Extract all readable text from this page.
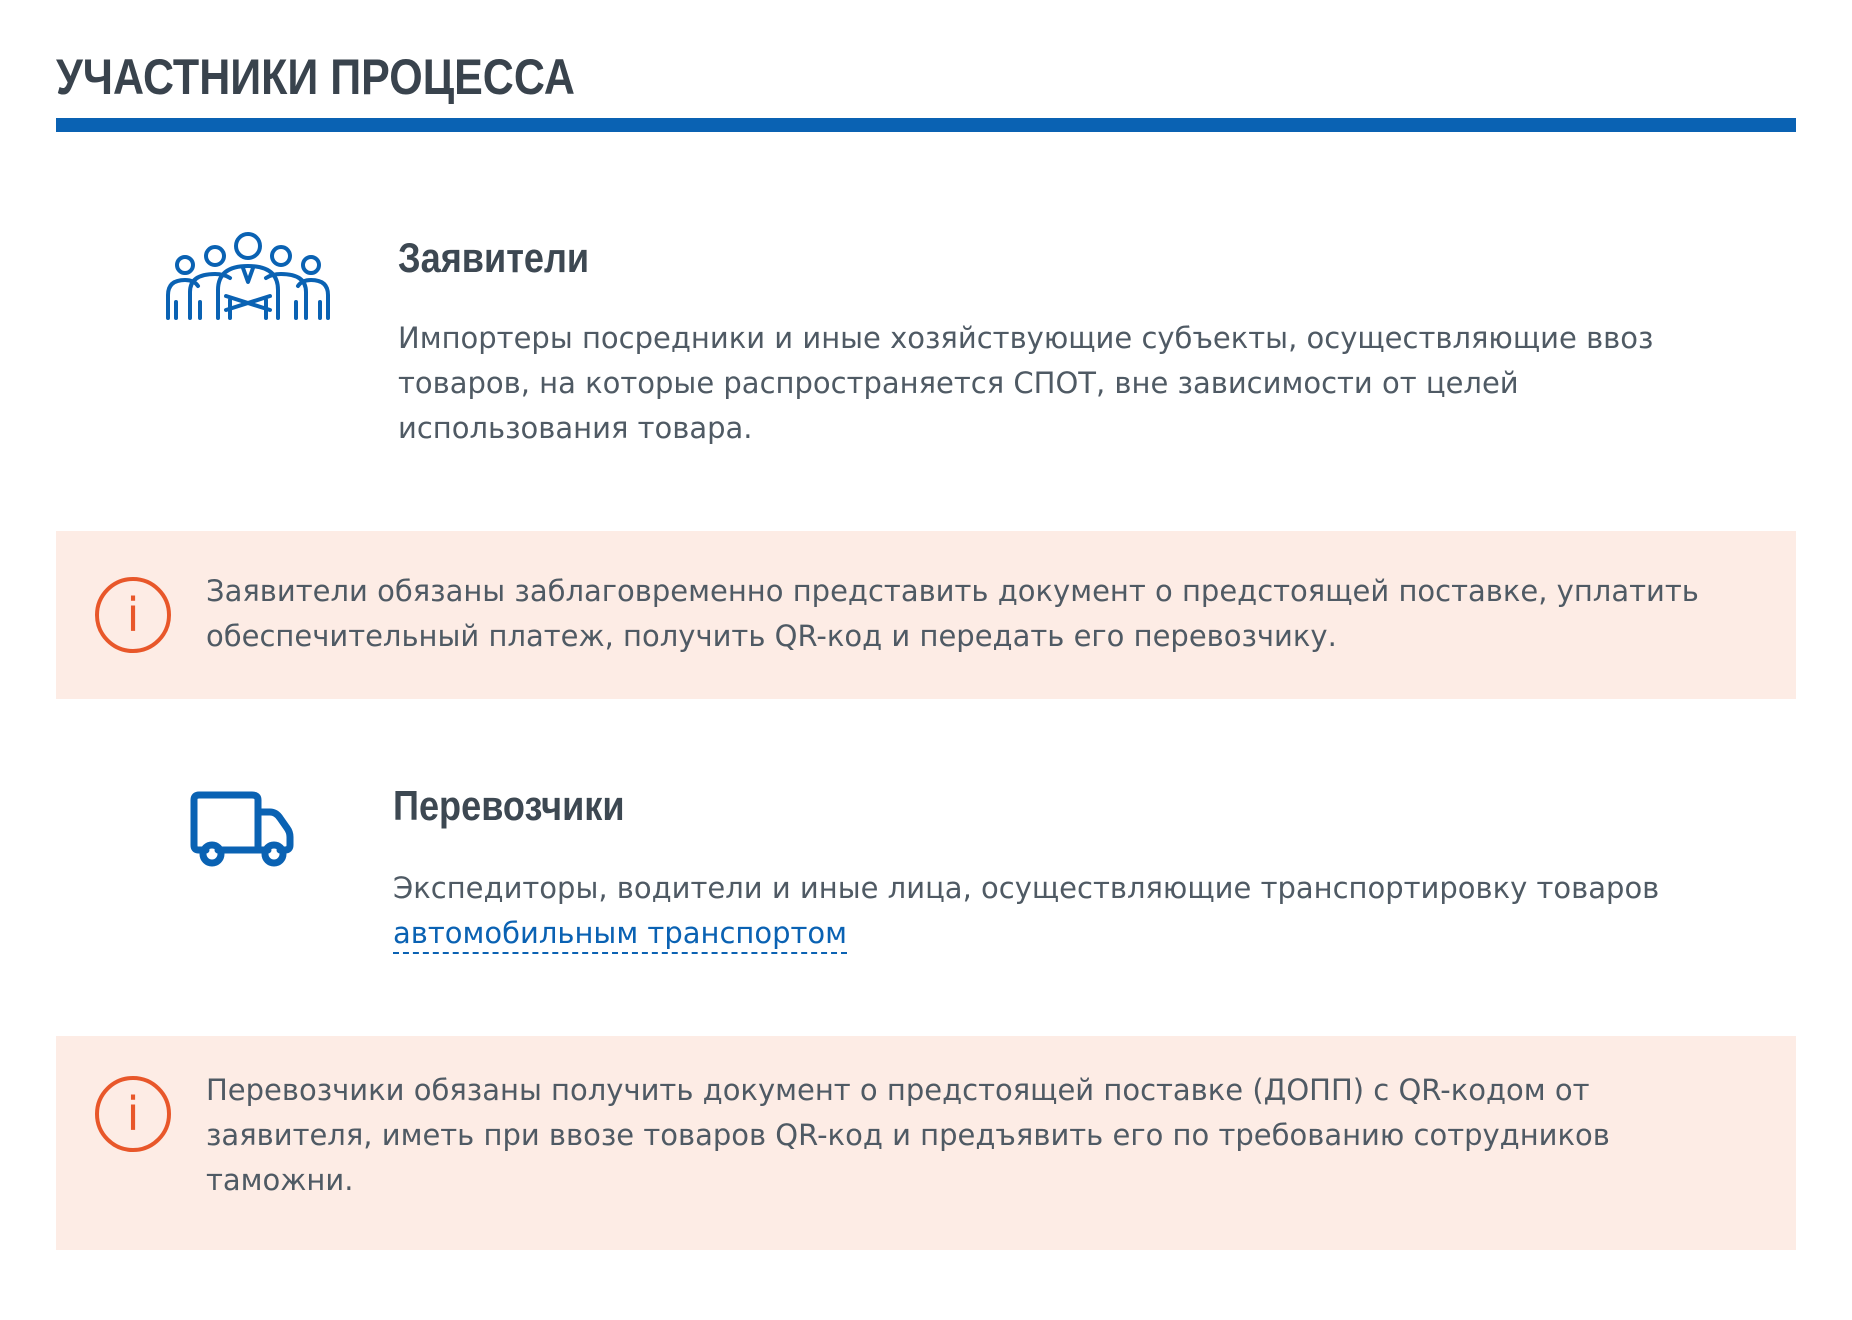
УЧАСТНИКИ ПРОЦЕССА
Заявители

Импортеры посредники и иные хозяйствующие субъекты, осуществляющие ввоз
товаров, на которые распространяется СПОТ, вне зависимости от целей
использования товара.

i	Заявители обязаны заблаговременно представить документ о предстоящей поставке, уплатить
обеспечительный платеж, получить QR-код и передать его перевозчику.

Перевозчики

Экспедиторы, водители и иные лица, осуществляющие транспортировку товаров
автомобильным транспортом

i	Перевозчики обязаны получить документ о предстоящей поставке (ДОПП) с QR-кодом от
заявителя, иметь при ввозе товаров QR-код и предъявить его по требованию сотрудников
таможни.
